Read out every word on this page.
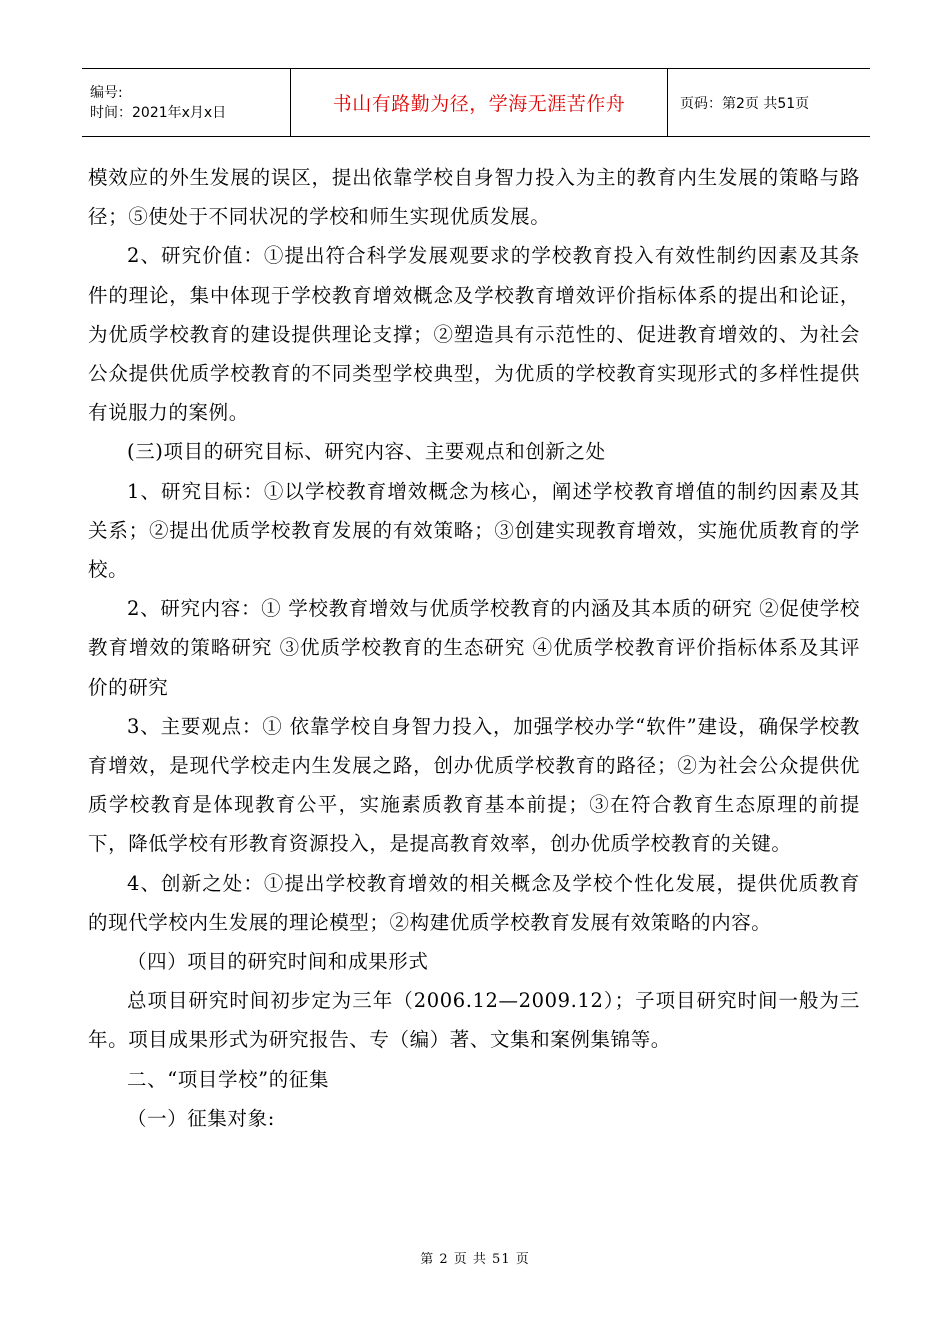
编号:
时间：2021年x月x日	书山有路勤为径，学海无涯苦作舟	页码：第2页 共51页

模效应的外生发展的误区，提出依靠学校自身智力投入为主的教育内生发展的策略与路径；⑤使处于不同状况的学校和师生实现优质发展。

2、研究价值：①提出符合科学发展观要求的学校教育投入有效性制约因素及其条件的理论，集中体现于学校教育增效概念及学校教育增效评价指标体系的提出和论证，为优质学校教育的建设提供理论支撑；②塑造具有示范性的、促进教育增效的、为社会公众提供优质学校教育的不同类型学校典型，为优质的学校教育实现形式的多样性提供有说服力的案例。

(三)项目的研究目标、研究内容、主要观点和创新之处

1、研究目标：①以学校教育增效概念为核心，阐述学校教育增值的制约因素及其关系；②提出优质学校教育发展的有效策略；③创建实现教育增效，实施优质教育的学校。

2、研究内容：① 学校教育增效与优质学校教育的内涵及其本质的研究 ②促使学校教育增效的策略研究 ③优质学校教育的生态研究 ④优质学校教育评价指标体系及其评价的研究

3、主要观点：① 依靠学校自身智力投入，加强学校办学“软件”建设，确保学校教育增效，是现代学校走内生发展之路，创办优质学校教育的路径；②为社会公众提供优质学校教育是体现教育公平，实施素质教育基本前提；③在符合教育生态原理的前提下，降低学校有形教育资源投入，是提高教育效率，创办优质学校教育的关键。

4、创新之处：①提出学校教育增效的相关概念及学校个性化发展，提供优质教育的现代学校内生发展的理论模型；②构建优质学校教育发展有效策略的内容。

（四）项目的研究时间和成果形式

总项目研究时间初步定为三年（2006.12—2009.12）；子项目研究时间一般为三年。项目成果形式为研究报告、专（编）著、文集和案例集锦等。

二、“项目学校”的征集

（一）征集对象:

第 2 页 共 51 页
